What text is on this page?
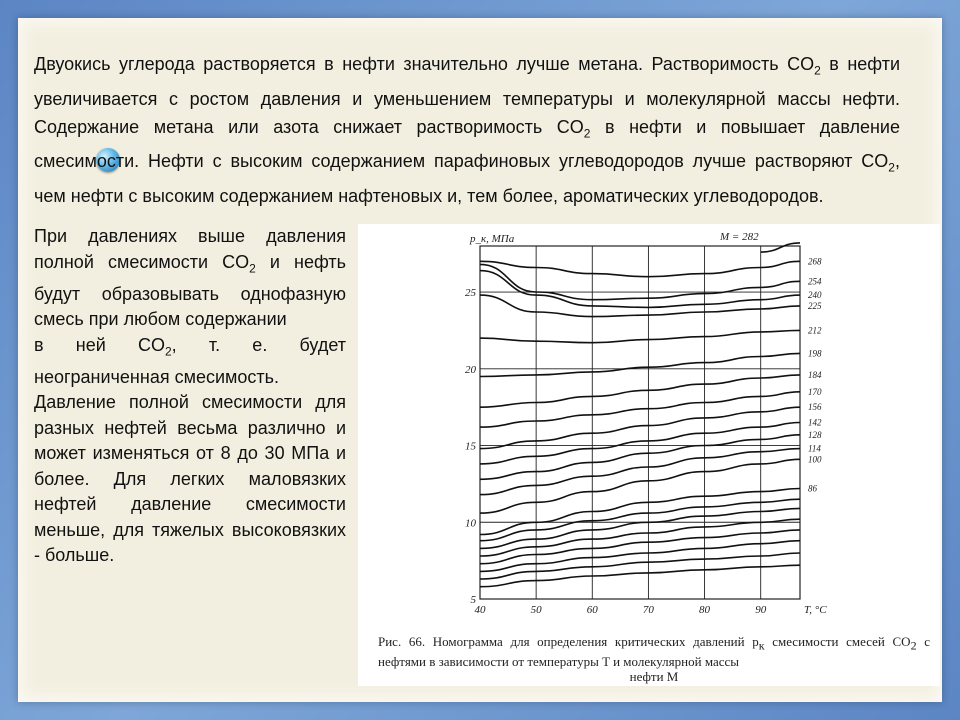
Двуокись углерода растворяется в нефти значительно лучше метана. Растворимость $CO_2$ в нефти увеличивается с ростом давления и уменьшением температуры и молекулярной массы нефти. Содержание метана или азота снижает растворимость $CO_2$ в нефти и повышает давление смесимости. Нефти с высоким содержанием парафиновых углеводородов лучше растворяют $CO_2$, чем нефти с высоким содержанием нафтеновых и, тем более, ароматических углеводородов.

При давлениях выше давления полной смесимости $CO_2$ и нефть будут образовывать однофазную смесь при любом содержании

в ней $CO_2$, т. е. будет неограниченная смесимость.

Давление полной смесимости для разных нефтей весьма различно и может изменяться от 8 до 30 МПа и более. Для легких маловязких нефтей давление смесимости меньше, для тяжелых высоковязких - больше.

40	50	60	70	80	90
5
10
15
20
25
p_к, МПа
T, °C
M = 282
268
254
240
225
212
198
184
170
156
142
128
114
100
86
Рис. 66. Номограмма для определения критических давлений $p_к$ смесимости смесей $CO_2$ с нефтями в зависимости от температуры T и молекулярной массы
нефти M
